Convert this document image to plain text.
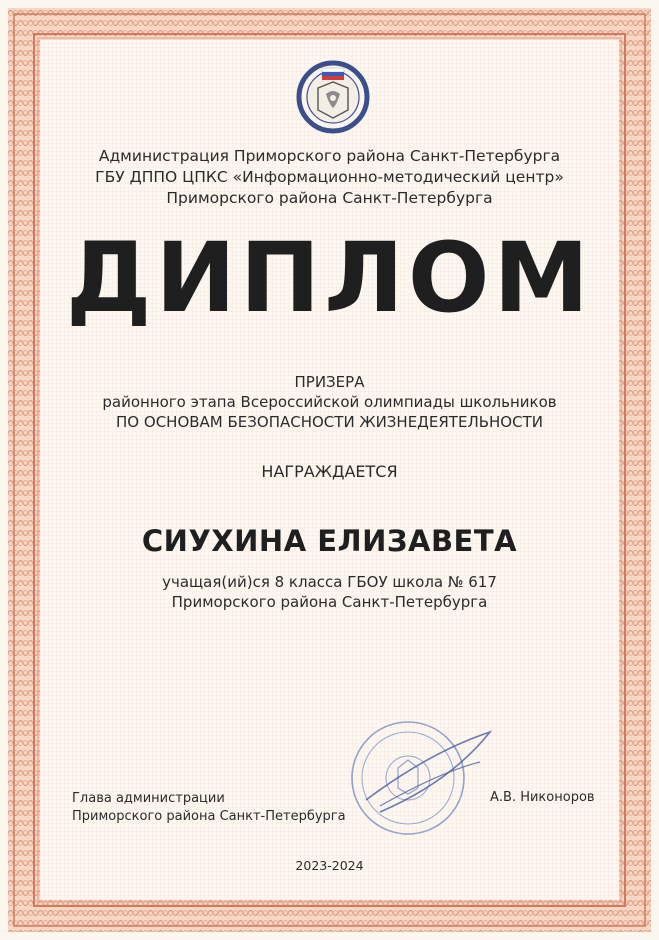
Администрация Приморского района Санкт-Петербурга
ГБУ ДППО ЦПКС «Информационно-методический центр»
Приморского района Санкт-Петербурга
ДИПЛОМ
ПРИЗЕРА
районного этапа Всероссийской олимпиады школьников
ПО ОСНОВАМ БЕЗОПАСНОСТИ ЖИЗНЕДЕЯТЕЛЬНОСТИ
НАГРАЖДАЕТСЯ
СИУХИНА ЕЛИЗАВЕТА
учащая(ий)ся 8 класса ГБОУ школа № 617
Приморского района Санкт-Петербурга
Глава администрации
Приморского района Санкт-Петербурга
А.В. Никоноров
2023-2024
